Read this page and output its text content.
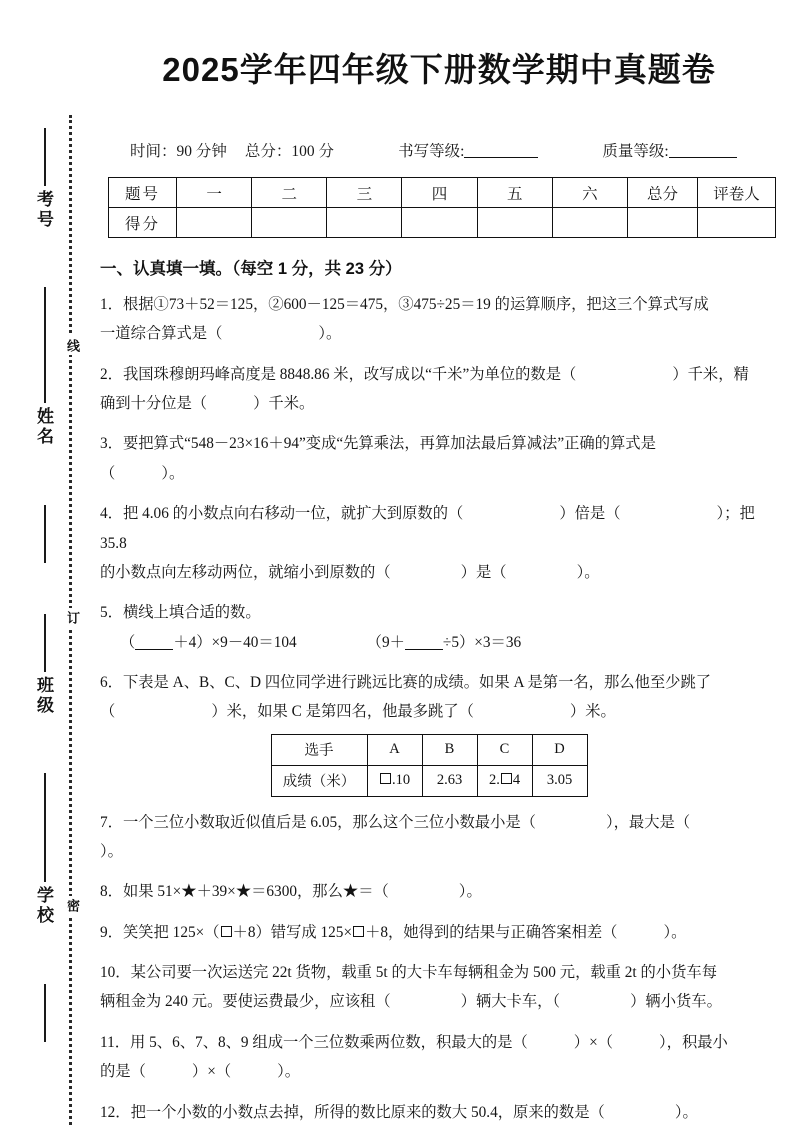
考号
姓名
班级
学校
线
订
密
2025学年四年级下册数学期中真题卷
时间：90 分钟 总分：100 分	书写等级:	质量等级:
题号	一	二	三	四	五	六	总分	评卷人
得分								
一、认真填一填。（每空 1 分，共 23 分）
1．根据①73＋52＝125，②600－125＝475，③475÷25＝19 的运算顺序，把这三个算式写成
一道综合算式是（	）。
2．我国珠穆朗玛峰高度是 8848.86 米，改写成以“千米”为单位的数是（	）千米，精
确到十分位是（	）千米。
3．要把算式“548－23×16＋94”变成“先算乘法，再算加法最后算减法”正确的算式是
（	）。
4．把 4.06 的小数点向右移动一位，就扩大到原数的（	）倍是（	）；把 35.8
的小数点向左移动两位，就缩小到原数的（	）是（	）。
5．横线上填合适的数。
（ ＋4）×9－40＝104	（9＋ ÷5）×3＝36
6．下表是 A、B、C、D 四位同学进行跳远比赛的成绩。如果 A 是第一名，那么他至少跳了
（	）米，如果 C 是第四名，他最多跳了（	）米。
选手	A	B	C	D
成绩（米）	.10	2.63	2. 4	3.05
7．一个三位小数取近似值后是 6.05，那么这个三位小数最小是（	），最大是（）。
8．如果 51×★＋39×★＝6300，那么★＝（	）。
9．笑笑把 125×（ ＋8）错写成 125× ＋8，她得到的结果与正确答案相差（	）。
10．某公司要一次运送完 22t 货物，载重 5t 的大卡车每辆租金为 500 元，载重 2t 的小货车每
辆租金为 240 元。要使运费最少，应该租（	）辆大卡车，（	）辆小货车。
11．用 5、6、7、8、9 组成一个三位数乘两位数，积最大的是（	）×（	），积最小
的是（	）×（	）。
12．把一个小数的小数点去掉，所得的数比原来的数大 50.4，原来的数是（	）。
